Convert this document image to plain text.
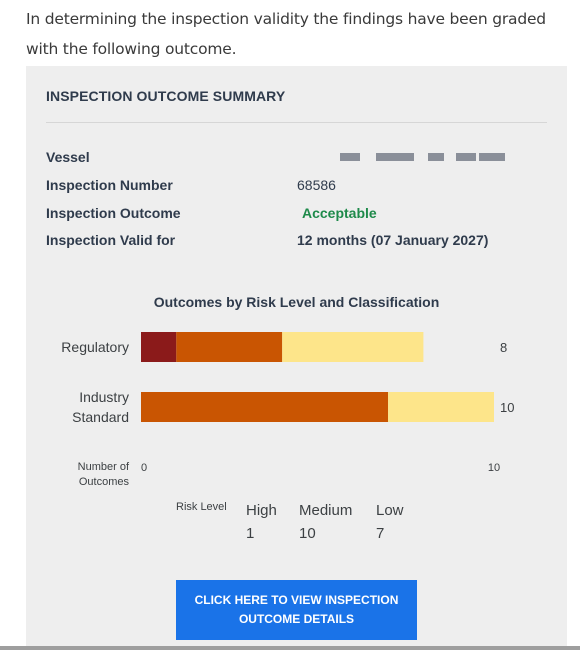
In determining the inspection validity the findings have been graded with the following outcome.
INSPECTION OUTCOME SUMMARY
Vessel
Inspection Number	68586
Inspection Outcome	Acceptable
Inspection Valid for	12 months (07 January 2027)
Outcomes by Risk Level and Classification
Regulatory	8
Industry
Standard
10
Number of
Outcomes
0	10
Risk Level High Medium Low
1	10	7
CLICK HERE TO VIEW INSPECTION OUTCOME DETAILS
